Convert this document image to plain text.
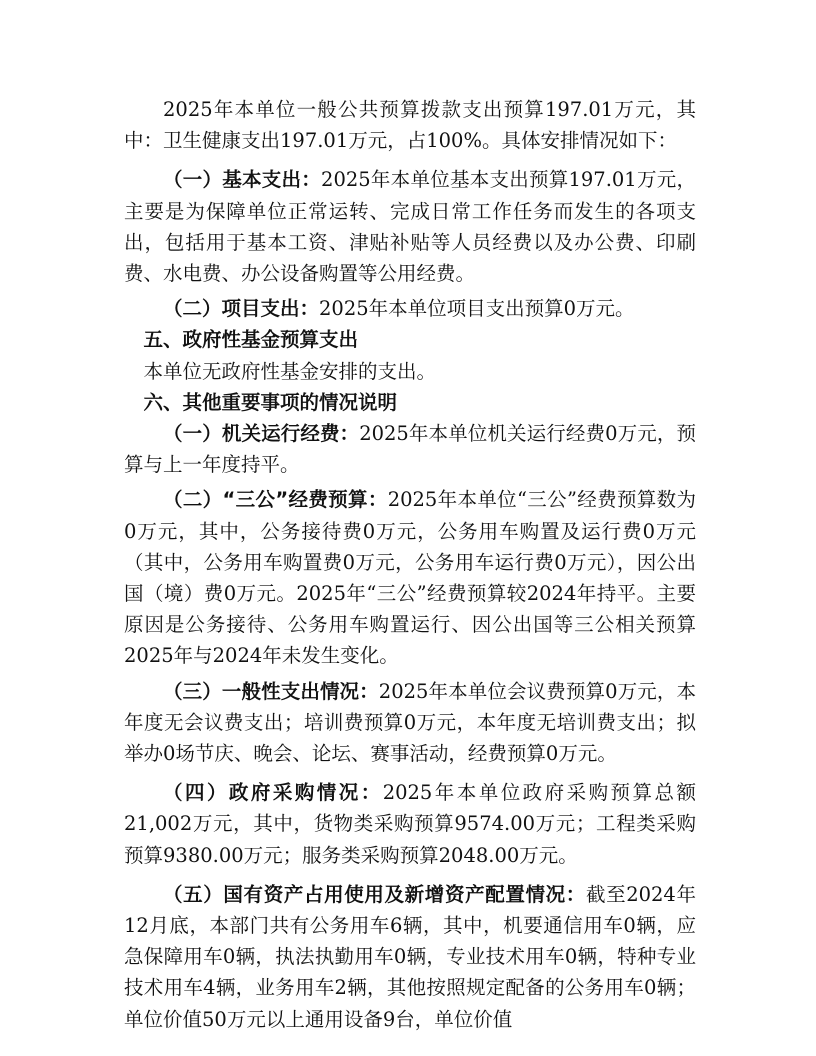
2025年本单位一般公共预算拨款支出预算197.01万元，其中：卫生健康支出197.01万元，占100%。具体安排情况如下：

（一）基本支出：2025年本单位基本支出预算197.01万元，主要是为保障单位正常运转、完成日常工作任务而发生的各项支出，包括用于基本工资、津贴补贴等人员经费以及办公费、印刷费、水电费、办公设备购置等公用经费。

（二）项目支出：2025年本单位项目支出预算0万元。

五、政府性基金预算支出

本单位无政府性基金安排的支出。

六、其他重要事项的情况说明

（一）机关运行经费：2025年本单位机关运行经费0万元，预算与上一年度持平。

（二）“三公”经费预算：2025年本单位“三公”经费预算数为0万元，其中，公务接待费0万元，公务用车购置及运行费0万元（其中，公务用车购置费0万元，公务用车运行费0万元），因公出国（境）费0万元。2025年“三公”经费预算较2024年持平。主要原因是公务接待、公务用车购置运行、因公出国等三公相关预算2025年与2024年未发生变化。

（三）一般性支出情况：2025年本单位会议费预算0万元，本年度无会议费支出；培训费预算0万元，本年度无培训费支出；拟举办0场节庆、晚会、论坛、赛事活动，经费预算0万元。

（四）政府采购情况：2025年本单位政府采购预算总额21,002万元，其中，货物类采购预算9574.00万元；工程类采购预算9380.00万元；服务类采购预算2048.00万元。

（五）国有资产占用使用及新增资产配置情况：截至2024年12月底，本部门共有公务用车6辆，其中，机要通信用车0辆，应急保障用车0辆，执法执勤用车0辆，专业技术用车0辆，特种专业技术用车4辆，业务用车2辆，其他按照规定配备的公务用车0辆；单位价值50万元以上通用设备9台，单位价值
